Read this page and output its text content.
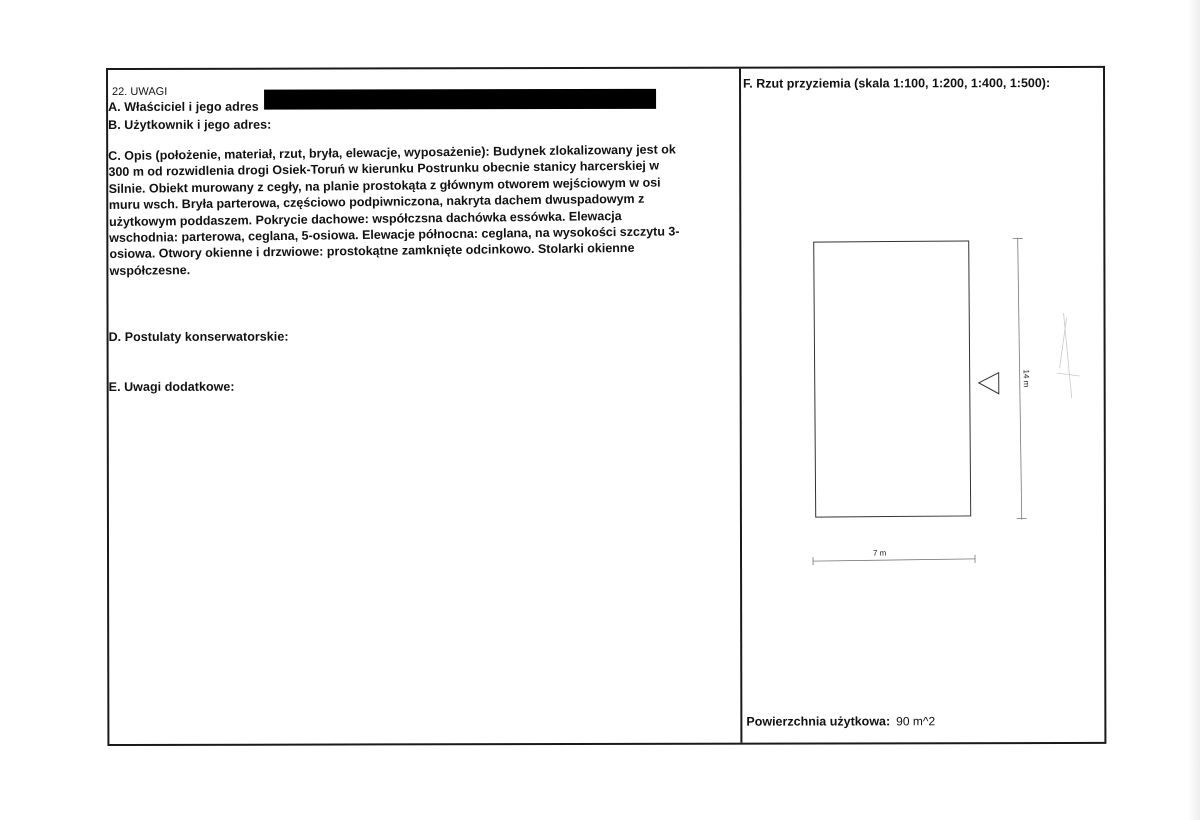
22. UWAGI
A. Właściciel i jego adres
B. Użytkownik i jego adres:
C. Opis (położenie, materiał, rzut, bryła, elewacje, wyposażenie): Budynek zlokalizowany jest ok
300 m od rozwidlenia drogi Osiek-Toruń w kierunku Postrunku obecnie stanicy harcerskiej w
Silnie. Obiekt murowany z cegły, na planie prostokąta z głównym otworem wejściowym w osi
muru wsch. Bryła parterowa, częściowo podpiwniczona, nakryta dachem dwuspadowym z
użytkowym poddaszem. Pokrycie dachowe: współczsna dachówka essówka. Elewacja
wschodnia: parterowa, ceglana, 5-osiowa. Elewacje północna: ceglana, na wysokości szczytu 3-
osiowa. Otwory okienne i drzwiowe: prostokątne zamknięte odcinkowo. Stolarki okienne
współczesne.
D. Postulaty konserwatorskie:
E. Uwagi dodatkowe:
F. Rzut przyziemia (skala 1:100, 1:200, 1:400, 1:500):
7 m
14 m
Powierzchnia użytkowa: 90 m^2
